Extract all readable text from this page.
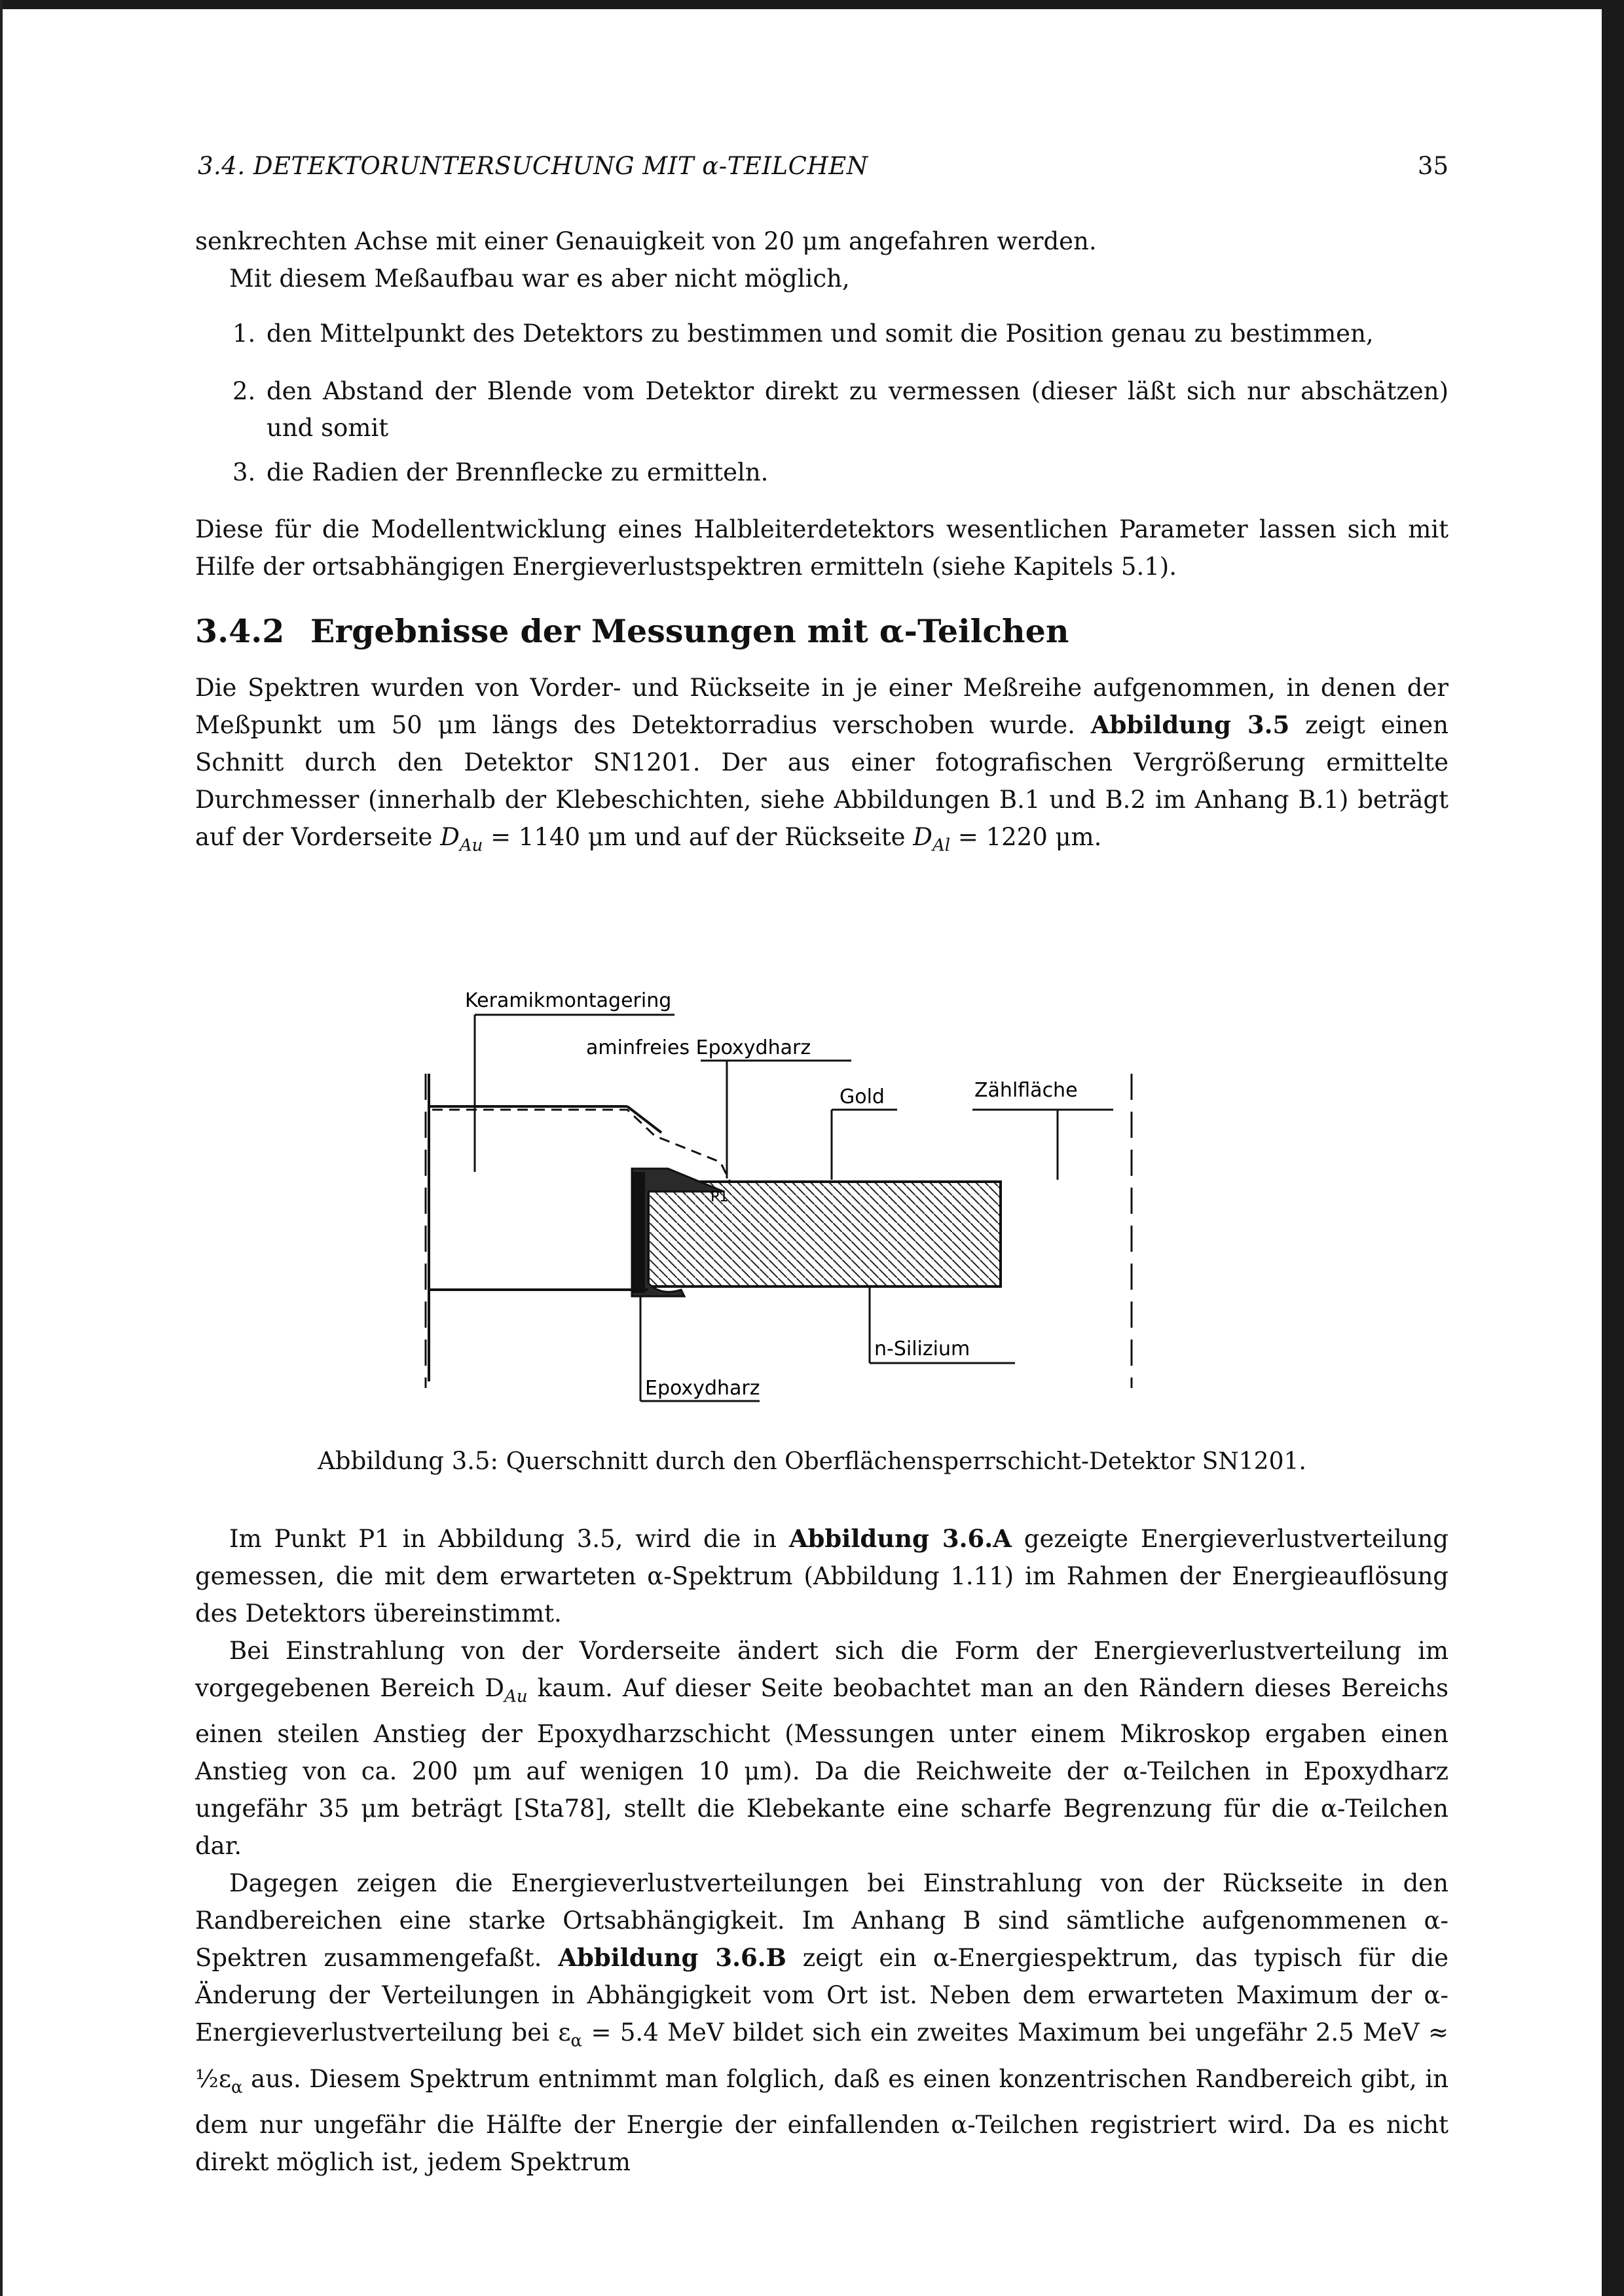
3.4. DETEKTORUNTERSUCHUNG MIT α-TEILCHEN	35

senkrechten Achse mit einer Genauigkeit von 20 μm angefahren werden.

Mit diesem Meßaufbau war es aber nicht möglich,

1. den Mittelpunkt des Detektors zu bestimmen und somit die Position genau zu bestimmen,
2. den Abstand der Blende vom Detektor direkt zu vermessen (dieser läßt sich nur abschätzen) und somit
3. die Radien der Brennflecke zu ermitteln.

Diese für die Modellentwicklung eines Halbleiterdetektors wesentlichen Parameter lassen sich mit Hilfe der ortsabhängigen Energieverlustspektren ermitteln (siehe Kapitels 5.1).

3.4.2 Ergebnisse der Messungen mit α-Teilchen

Die Spektren wurden von Vorder- und Rückseite in je einer Meßreihe aufgenommen, in denen der Meßpunkt um 50 μm längs des Detektorradius verschoben wurde. Abbildung 3.5 zeigt einen Schnitt durch den Detektor SN1201. Der aus einer fotografischen Vergrößerung ermittelte Durchmesser (innerhalb der Klebeschichten, siehe Abbildungen B.1 und B.2 im Anhang B.1) beträgt auf der Vorderseite $D_{Au} = 1140$ μm und auf der Rückseite $D_{Al} = 1220$ μm.

Keramikmontagering
aminfreies Epoxydharz
Gold	Zählfläche
P1
n-Silizium
Epoxydharz
Abbildung 3.5: Querschnitt durch den Oberflächensperrschicht-Detektor SN1201.

Im Punkt P1 in Abbildung 3.5, wird die in Abbildung 3.6.A gezeigte Energieverlustverteilung gemessen, die mit dem erwarteten α-Spektrum (Abbildung 1.11) im Rahmen der Energieauflösung des Detektors übereinstimmt.

Bei Einstrahlung von der Vorderseite ändert sich die Form der Energieverlustverteilung im vorgegebenen Bereich $D_{Au}$ kaum. Auf dieser Seite beobachtet man an den Rändern dieses Bereichs einen steilen Anstieg der Epoxydharzschicht (Messungen unter einem Mikroskop ergaben einen Anstieg von ca. 200 μm auf wenigen 10 μm). Da die Reichweite der α-Teilchen in Epoxydharz ungefähr 35 μm beträgt [Sta78], stellt die Klebekante eine scharfe Begrenzung für die α-Teilchen dar.

Dagegen zeigen die Energieverlustverteilungen bei Einstrahlung von der Rückseite in den Randbereichen eine starke Ortsabhängigkeit. Im Anhang B sind sämtliche aufgenommenen α-Spektren zusammengefaßt. Abbildung 3.6.B zeigt ein α-Energiespektrum, das typisch für die Änderung der Verteilungen in Abhängigkeit vom Ort ist. Neben dem erwarteten Maximum der α-Energieverlustverteilung bei $\varepsilon_\alpha = 5.4$ MeV bildet sich ein zweites Maximum bei ungefähr 2.5 MeV ≈ $\frac{1}{2}\varepsilon_\alpha$ aus. Diesem Spektrum entnimmt man folglich, daß es einen konzentrischen Randbereich gibt, in dem nur ungefähr die Hälfte der Energie der einfallenden α-Teilchen registriert wird. Da es nicht direkt möglich ist, jedem Spektrum
